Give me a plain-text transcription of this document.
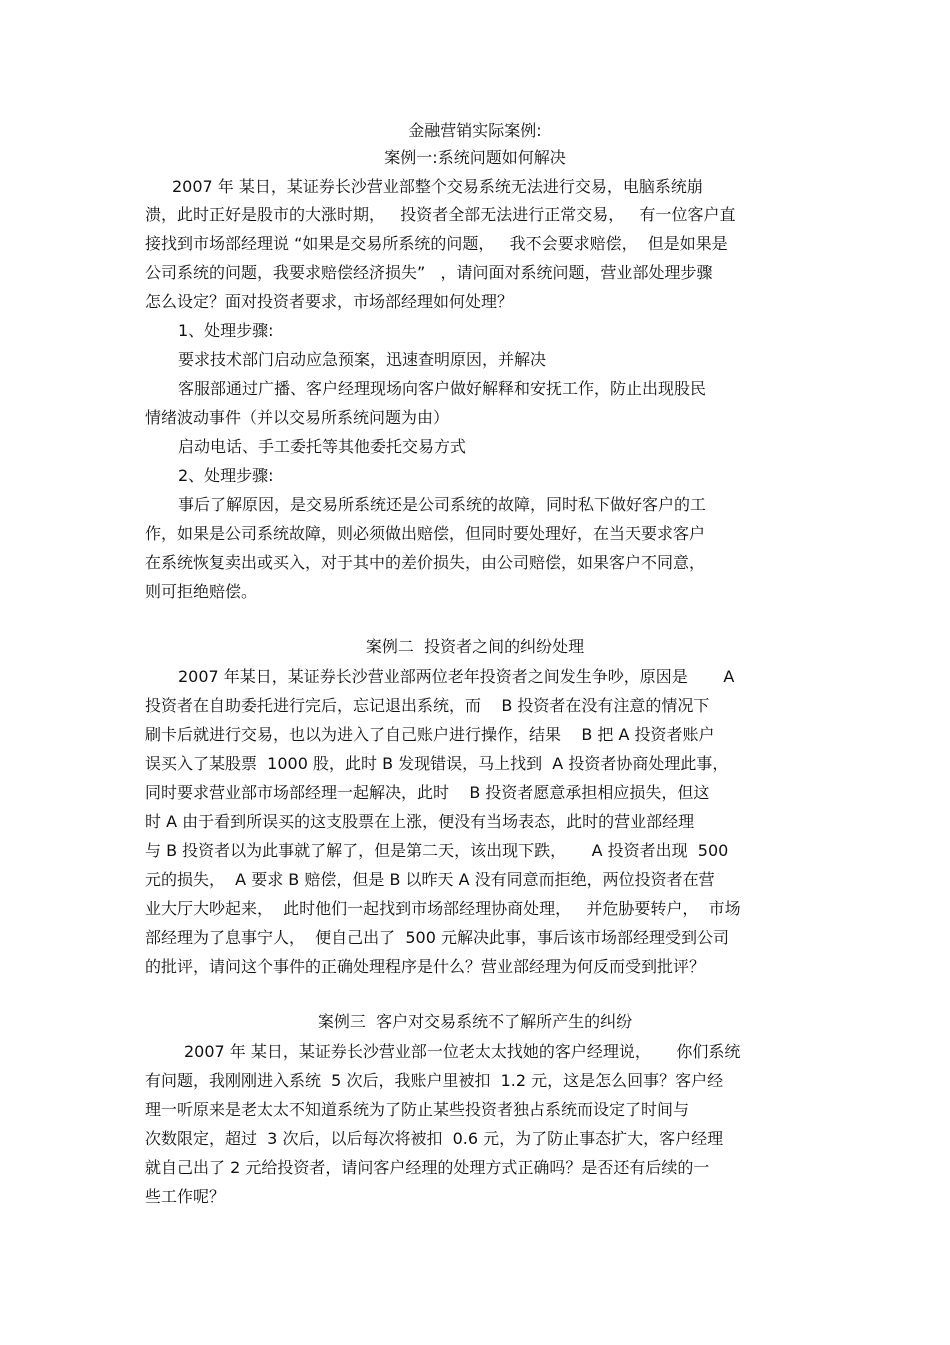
金融营销实际案例:
案例一:系统问题如何解决
2007 年 某日，某证券长沙营业部整个交易系统无法进行交易，电脑系统崩
溃，此时正好是股市的大涨时期，   投资者全部无法进行正常交易，   有一位客户直
接找到市场部经理说 “如果是交易所系统的问题，   我不会要求赔偿，  但是如果是
公司系统的问题，我要求赔偿经济损失”   ，请问面对系统问题，营业部处理步骤
怎么设定？面对投资者要求，市场部经理如何处理？
1、处理步骤:
要求技术部门启动应急预案，迅速查明原因，并解决
客服部通过广播、客户经理现场向客户做好解释和安抚工作，防止出现股民
情绪波动事件（并以交易所系统问题为由）
启动电话、手工委托等其他委托交易方式
2、处理步骤:
事后了解原因，是交易所系统还是公司系统的故障，同时私下做好客户的工
作，如果是公司系统故障，则必须做出赔偿，但同时要处理好，在当天要求客户
在系统恢复卖出或买入，对于其中的差价损失，由公司赔偿，如果客户不同意，
则可拒绝赔偿。
案例二  投资者之间的纠纷处理
2007 年某日，某证券长沙营业部两位老年投资者之间发生争吵，原因是       A
投资者在自助委托进行完后，忘记退出系统，而    B 投资者在没有注意的情况下
刷卡后就进行交易，也以为进入了自己账户进行操作，结果    B 把 A 投资者账户
误买入了某股票  1000 股，此时 B 发现错误，马上找到  A 投资者协商处理此事，
同时要求营业部市场部经理一起解决，此时    B 投资者愿意承担相应损失，但这
时 A 由于看到所误买的这支股票在上涨，便没有当场表态，此时的营业部经理
与 B 投资者以为此事就了解了，但是第二天，该出现下跌，     A 投资者出现  500
元的损失，  A 要求 B 赔偿，但是 B 以昨天 A 没有同意而拒绝，两位投资者在营
业大厅大吵起来，  此时他们一起找到市场部经理协商处理，   并危胁要转户，  市场
部经理为了息事宁人，  便自己出了  500 元解决此事，事后该市场部经理受到公司
的批评，请问这个事件的正确处理程序是什么？营业部经理为何反而受到批评？
案例三  客户对交易系统不了解所产生的纠纷
2007 年 某日，某证券长沙营业部一位老太太找她的客户经理说，     你们系统
有问题，我刚刚进入系统  5 次后，我账户里被扣  1.2 元，这是怎么回事？客户经
理一听原来是老太太不知道系统为了防止某些投资者独占系统而设定了时间与
次数限定，超过  3 次后，以后每次将被扣  0.6 元，为了防止事态扩大，客户经理
就自己出了 2 元给投资者，请问客户经理的处理方式正确吗？是否还有后续的一
些工作呢？
